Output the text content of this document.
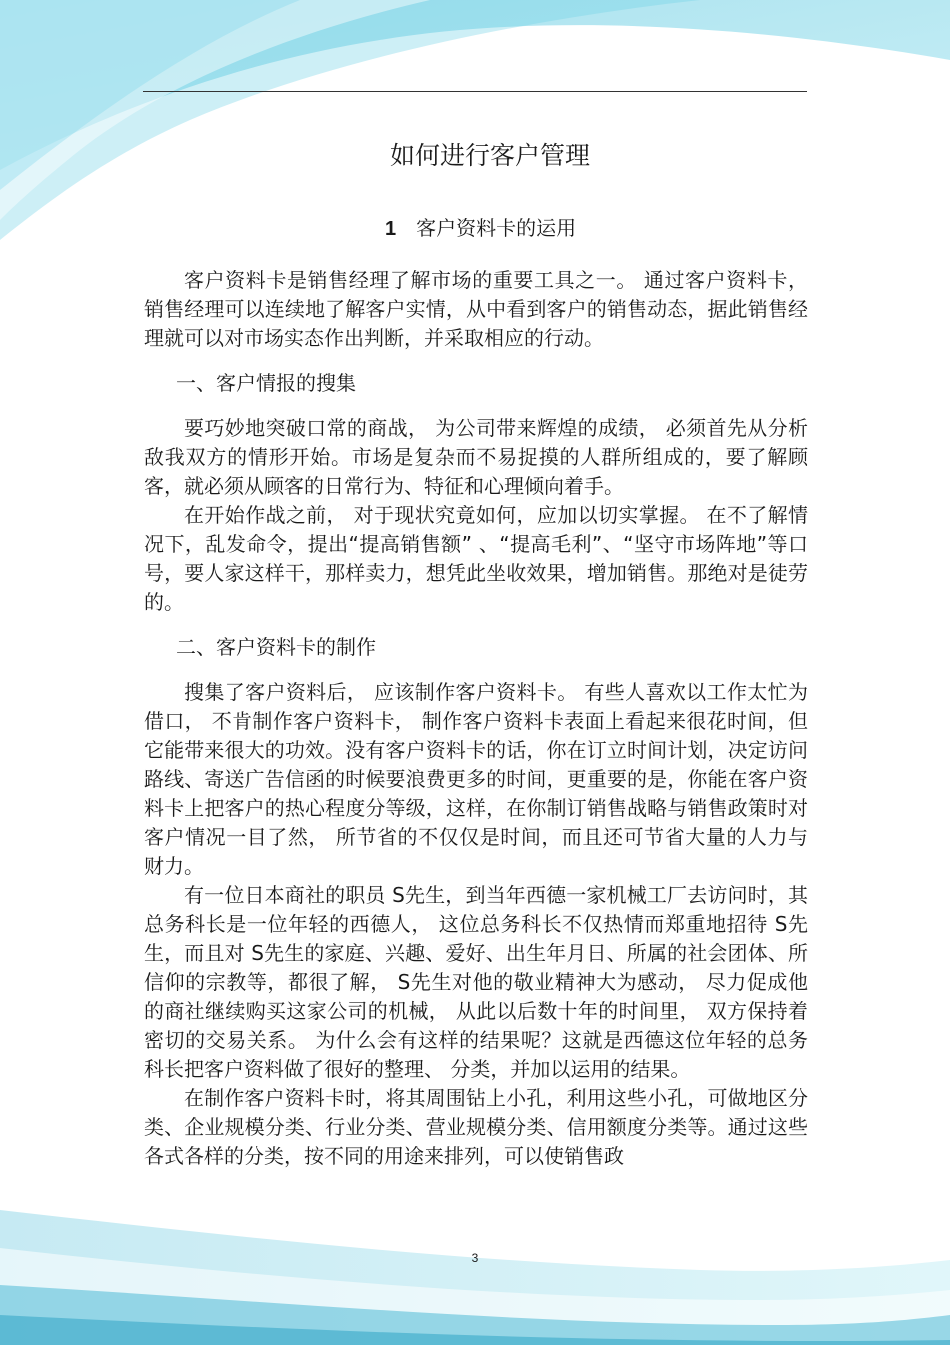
如何进行客户管理
1 客户资料卡的运用

客户资料卡是销售经理了解市场的重要工具之一。 通过客户资料卡，销售经理可以连续地了解客户实情，从中看到客户的销售动态，据此销售经理就可以对市场实态作出判断，并采取相应的行动。

一、客户情报的搜集

要巧妙地突破口常的商战， 为公司带来辉煌的成绩， 必须首先从分析敌我双方的情形开始。市场是复杂而不易捉摸的人群所组成的，要了解顾客，就必须从顾客的日常行为、特征和心理倾向着手。

在开始作战之前， 对于现状究竟如何，应加以切实掌握。 在不了解情况下，乱发命令，提出“提高销售额” 、“提高毛利”、“坚守市场阵地”等口号，要人家这样干，那样卖力，想凭此坐收效果，增加销售。那绝对是徒劳的。

二、客户资料卡的制作

搜集了客户资料后， 应该制作客户资料卡。 有些人喜欢以工作太忙为借口， 不肯制作客户资料卡， 制作客户资料卡表面上看起来很花时间，但它能带来很大的功效。没有客户资料卡的话，你在订立时间计划，决定访问路线、寄送广告信函的时候要浪费更多的时间，更重要的是，你能在客户资料卡上把客户的热心程度分等级，这样，在你制订销售战略与销售政策时对客户情况一目了然， 所节省的不仅仅是时间，而且还可节省大量的人力与财力。

有一位日本商社的职员 S先生，到当年西德一家机械工厂去访问时，其总务科长是一位年轻的西德人， 这位总务科长不仅热情而郑重地招待 S先生，而且对 S先生的家庭、兴趣、爱好、出生年月日、所属的社会团体、所信仰的宗教等，都很了解， S先生对他的敬业精神大为感动， 尽力促成他的商社继续购买这家公司的机械， 从此以后数十年的时间里， 双方保持着密切的交易关系。 为什么会有这样的结果呢？这就是西德这位年轻的总务科长把客户资料做了很好的整理、 分类，并加以运用的结果。

在制作客户资料卡时，将其周围钻上小孔，利用这些小孔，可做地区分类、企业规模分类、行业分类、营业规模分类、信用额度分类等。通过这些各式各样的分类，按不同的用途来排列，可以使销售政

3
